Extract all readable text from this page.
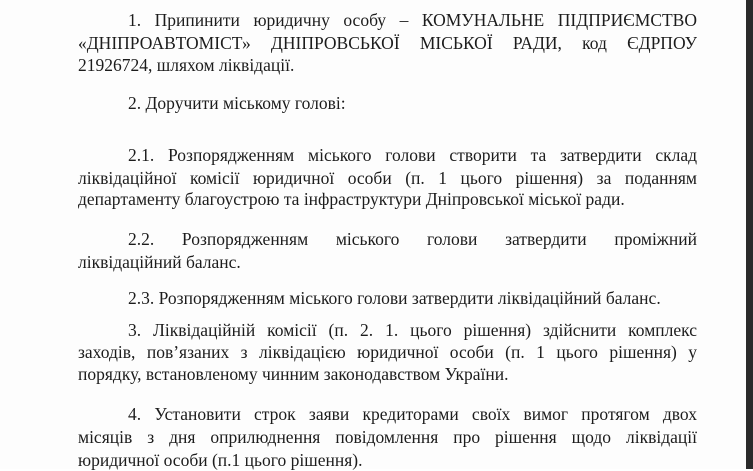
1. Припинити юридичну особу – КОМУНАЛЬНЕ ПІДПРИЄМСТВО
«ДНІПРОАВТОМІСТ» ДНІПРОВСЬКОЇ МІСЬКОЇ РАДИ, код ЄДРПОУ
21926724, шляхом ліквідації.
2. Доручити міському голові:
2.1. Розпорядженням міського голови створити та затвердити склад
ліквідаційної комісії юридичної особи (п. 1 цього рішення) за поданням
департаменту благоустрою та інфраструктури Дніпровської міської ради.
2.2. Розпорядженням міського голови затвердити проміжний
ліквідаційний баланс.
2.3. Розпорядженням міського голови затвердити ліквідаційний баланс.
3. Ліквідаційній комісії (п. 2. 1. цього рішення) здійснити комплекс
заходів, пов’язаних з ліквідацією юридичної особи (п. 1 цього рішення) у
порядку, встановленому чинним законодавством України.
4. Установити строк заяви кредиторами своїх вимог протягом двох
місяців з дня оприлюднення повідомлення про рішення щодо ліквідації
юридичної особи (п.1 цього рішення).
